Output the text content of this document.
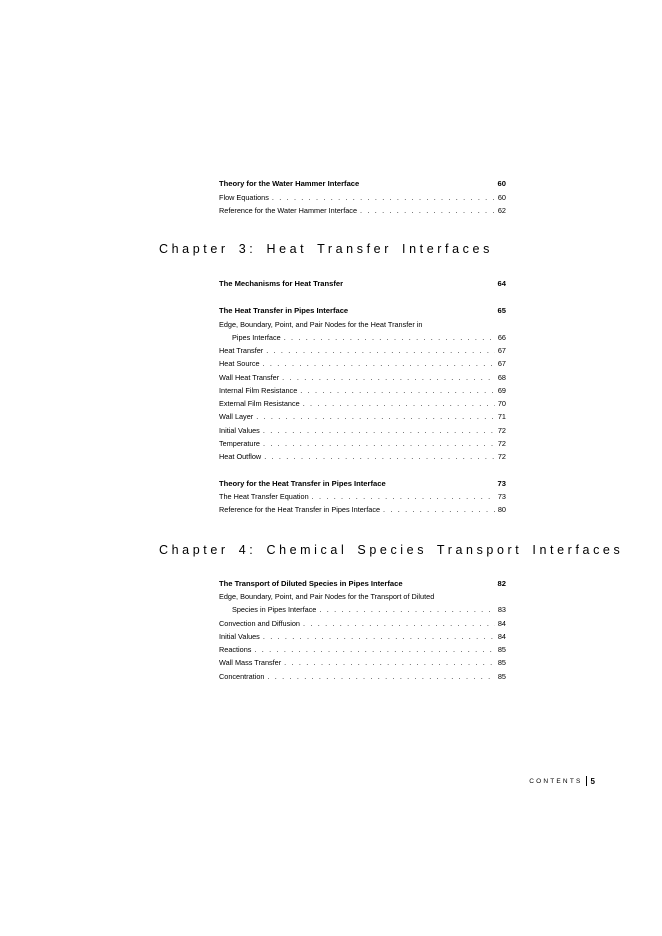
Chapter 3: Heat Transfer Interfaces
Chapter 4: Chemical Species Transport Interfaces
Theory for the Water Hammer Interface	60
Flow Equations . . .	60
Reference for the Water Hammer Interface . . .	62
The Mechanisms for Heat Transfer	64
The Heat Transfer in Pipes Interface	65
Edge, Boundary, Point, and Pair Nodes for the Heat Transfer in
Pipes Interface . . .	66
Heat Transfer . . .	67
Heat Source . . .	67
Wall Heat Transfer . . .	68
Internal Film Resistance . . .	69
External Film Resistance . . .	70
Wall Layer . . .	71
Initial Values . . .	72
Temperature . . .	72
Heat Outflow . . .	72
Theory for the Heat Transfer in Pipes Interface	73
The Heat Transfer Equation . . .	73
Reference for the Heat Transfer in Pipes Interface . . .	80
The Transport of Diluted Species in Pipes Interface	82
Edge, Boundary, Point, and Pair Nodes for the Transport of Diluted
Species in Pipes Interface . . .	83
Convection and Diffusion . . .	84
Initial Values . . .	84
Reactions . . .	85
Wall Mass Transfer . . .	85
Concentration . . .	85
CONTENTS 5
